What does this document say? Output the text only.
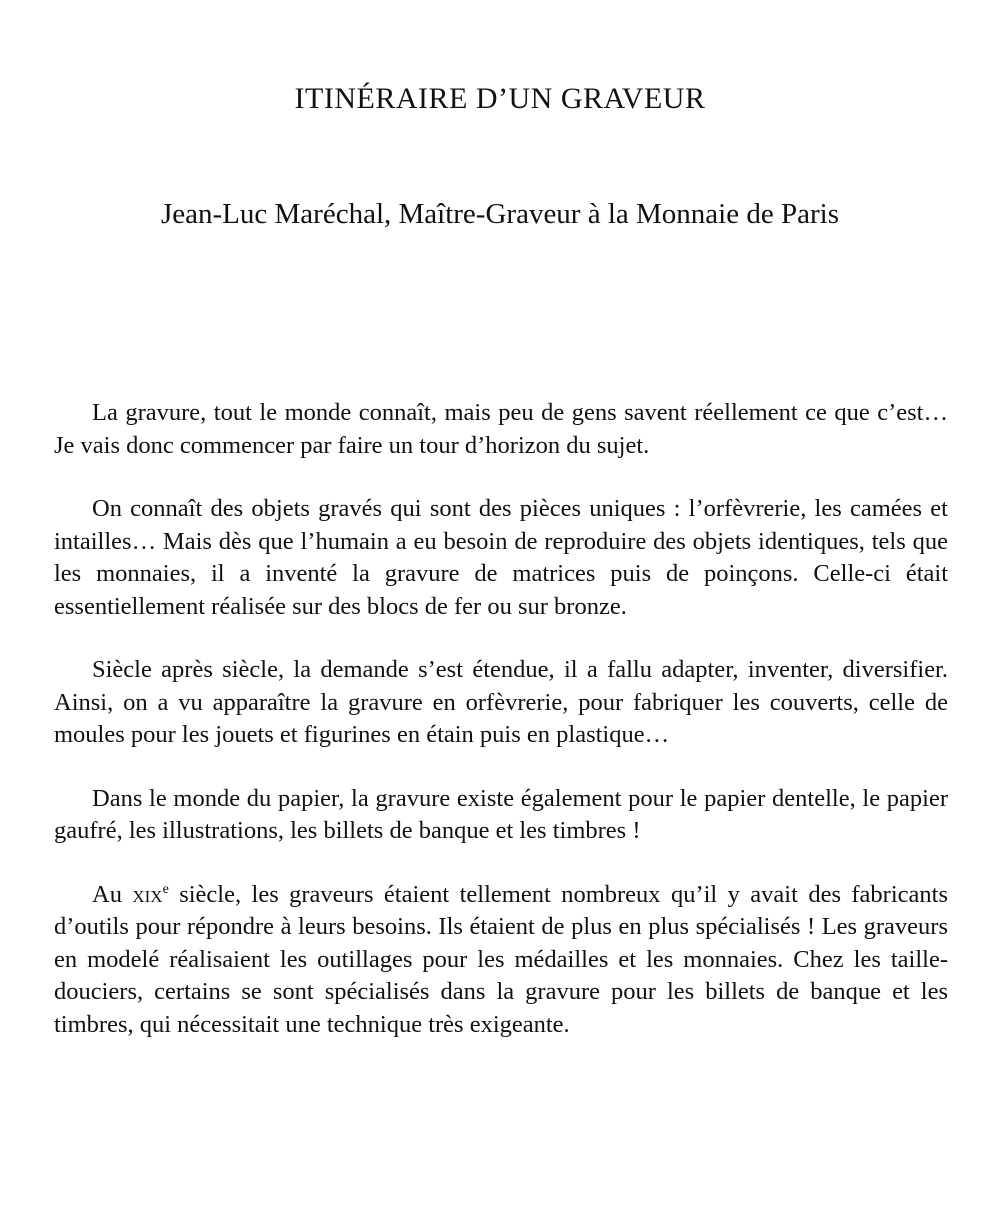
ITINÉRAIRE D’UN GRAVEUR
Jean-Luc Maréchal, Maître-Graveur à la Monnaie de Paris

La gravure, tout le monde connaît, mais peu de gens savent réellement ce que c’est… Je vais donc commencer par faire un tour d’horizon du sujet.

On connaît des objets gravés qui sont des pièces uniques : l’orfèvrerie, les camées et intailles… Mais dès que l’humain a eu besoin de reproduire des objets identiques, tels que les monnaies, il a inventé la gravure de matrices puis de poinçons. Celle-ci était essentiellement réalisée sur des blocs de fer ou sur bronze.

Siècle après siècle, la demande s’est étendue, il a fallu adapter, inventer, diversifier. Ainsi, on a vu apparaître la gravure en orfèvrerie, pour fabriquer les couverts, celle de moules pour les jouets et figurines en étain puis en plastique…

Dans le monde du papier, la gravure existe également pour le papier dentelle, le papier gaufré, les illustrations, les billets de banque et les timbres !

Au xix$^e$ siècle, les graveurs étaient tellement nombreux qu’il y avait des fabricants d’outils pour répondre à leurs besoins. Ils étaient de plus en plus spécialisés ! Les graveurs en modelé réalisaient les outillages pour les médailles et les monnaies. Chez les taille-douciers, certains se sont spécialisés dans la gravure pour les billets de banque et les timbres, qui nécessitait une technique très exigeante.
